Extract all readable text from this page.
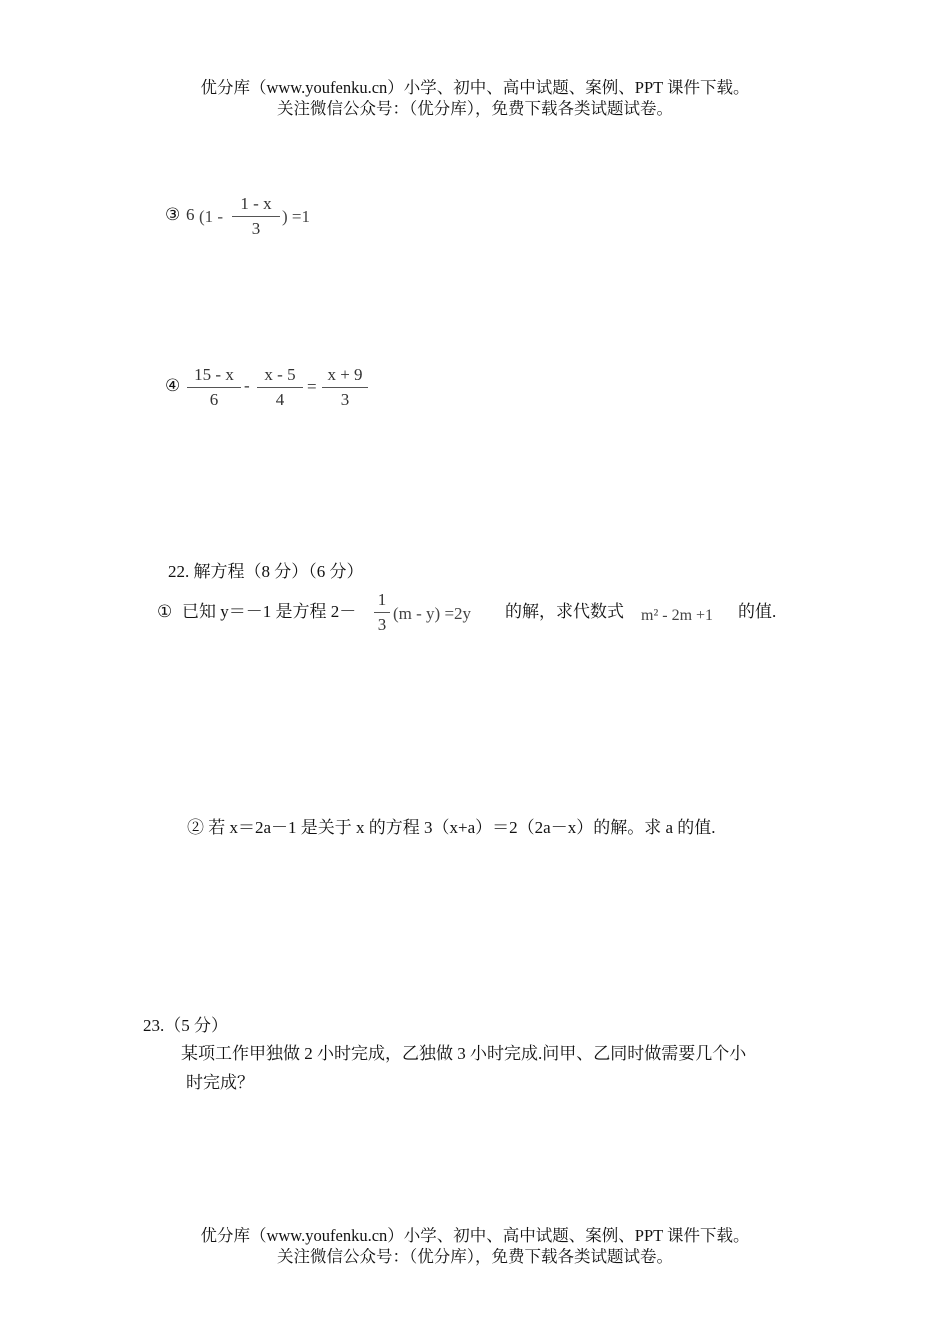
优分库（www.youfenku.cn）小学、初中、高中试题、案例、PPT 课件下载。
关注微信公众号：（优分库），免费下载各类试题试卷。
③ 6 (1 -
1 - x
3
) =1
④
15 - x
6
-
x - 5
4
=
x + 9
3
22. 解方程（8 分）（6 分）
① 已知 y＝－1 是方程 2－
1
3
(m - y) =2y 的解，求代数式 m² - 2m +1 的值.
② 若 x＝2a－1 是关于 x 的方程 3（x+a）＝2（2a－x）的解。求 a 的值.
23.（5 分）
某项工作甲独做 2 小时完成，乙独做 3 小时完成.问甲、乙同时做需要几个小
时完成？
优分库（www.youfenku.cn）小学、初中、高中试题、案例、PPT 课件下载。
关注微信公众号：（优分库），免费下载各类试题试卷。
